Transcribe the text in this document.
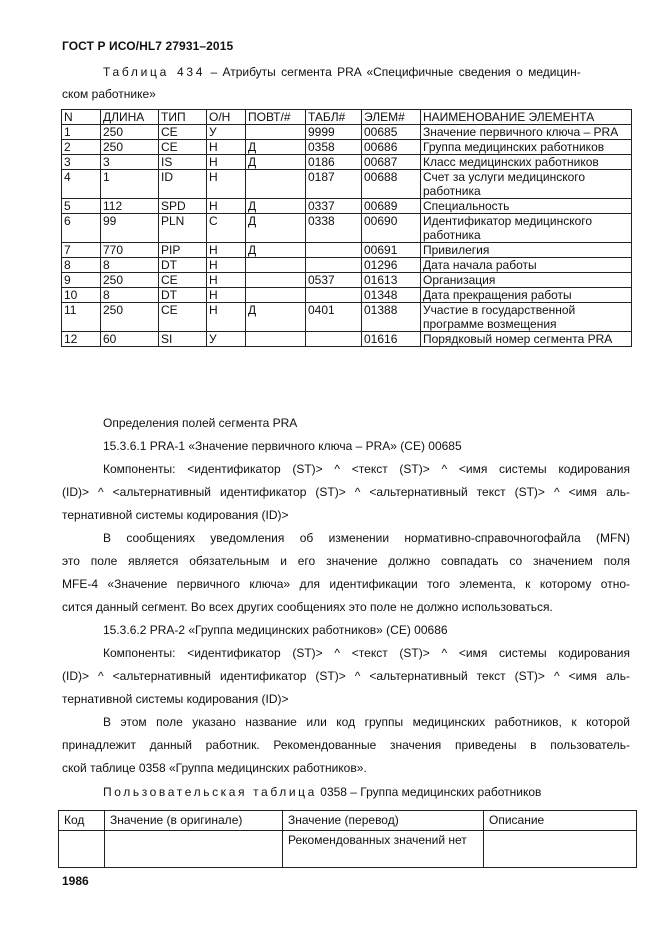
ГОСТ Р ИСО/HL7 27931–2015
Таблица 434 – Атрибуты сегмента PRA «Специфичные сведения о медицин-
ском работнике»
N	ДЛИНА	ТИП	О/Н	ПОВТ/#	ТАБЛ#	ЭЛЕМ#	НАИМЕНОВАНИЕ ЭЛЕМЕНТА
1	250	CE	У		9999	00685	Значение первичного ключа – PRA
2	250	CE	Н	Д	0358	00686	Группа медицинских работников
3	3	IS	Н	Д	0186	00687	Класс медицинских работников
4	1	ID	Н		0187	00688	Счет за услуги медицинского работника
5	112	SPD	Н	Д	0337	00689	Специальность
6	99	PLN	С	Д	0338	00690	Идентификатор медицинского работника
7	770	PIP	Н	Д		00691	Привилегия
8	8	DT	Н			01296	Дата начала работы
9	250	CE	Н		0537	01613	Организация
10	8	DT	Н			01348	Дата прекращения работы
11	250	CE	Н	Д	0401	01388	Участие в государственной программе возмещения
12	60	SI	У			01616	Порядковый номер сегмента PRA
Определения полей сегмента PRA
15.3.6.1 PRA-1 «Значение первичного ключа – PRA» (CE) 00685
Компоненты: <идентификатор (ST)> ^ <текст (ST)> ^ <имя системы кодирования
(ID)> ^ <альтернативный идентификатор (ST)> ^ <альтернативный текст (ST)> ^ <имя аль-
тернативной системы кодирования (ID)>
В сообщениях уведомления об изменении нормативно-справочногофайла (MFN)
это поле является обязательным и его значение должно совпадать со значением поля
MFE-4 «Значение первичного ключа» для идентификации того элемента, к которому отно-
сится данный сегмент. Во всех других сообщениях это поле не должно использоваться.
15.3.6.2 PRA-2 «Группа медицинских работников» (CE) 00686
Компоненты: <идентификатор (ST)> ^ <текст (ST)> ^ <имя системы кодирования
(ID)> ^ <альтернативный идентификатор (ST)> ^ <альтернативный текст (ST)> ^ <имя аль-
тернативной системы кодирования (ID)>
В этом поле указано название или код группы медицинских работников, к которой
принадлежит данный работник. Рекомендованные значения приведены в пользователь-
ской таблице 0358 «Группа медицинских работников».
Пользовательская таблица 0358 – Группа медицинских работников
Код	Значение (в оригинале)	Значение (перевод)	Описание
		Рекомендованных значений нет	
1986
